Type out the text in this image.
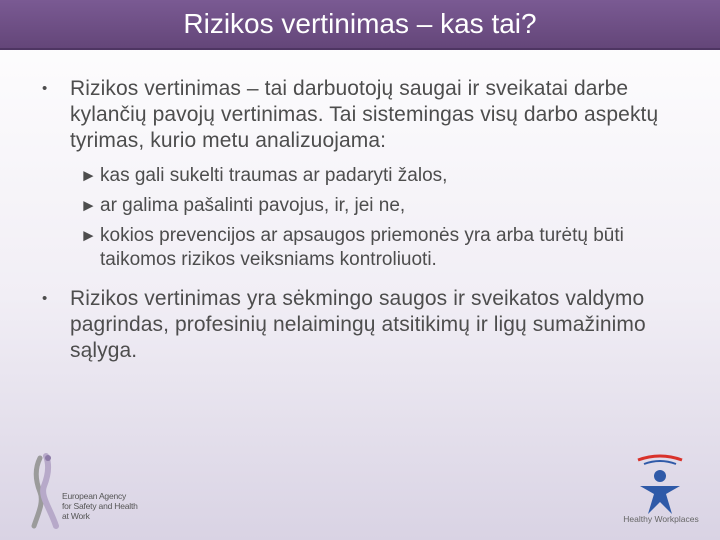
Rizikos vertinimas – kas tai?
• Rizikos vertinimas – tai darbuotojų saugai ir sveikatai darbe kylančių pavojų vertinimas. Tai sistemingas visų darbo aspektų tyrimas, kurio metu analizuojama:
► kas gali sukelti traumas ar padaryti žalos,
► ar galima pašalinti pavojus, ir, jei ne,
► kokios prevencijos ar apsaugos priemonės yra arba turėtų būti taikomos rizikos veiksniams kontroliuoti.
• Rizikos vertinimas yra sėkmingo saugos ir sveikatos valdymo pagrindas, profesinių nelaimingų atsitikimų ir ligų sumažinimo sąlyga.
European Agency
for Safety and Health
at Work	Healthy Workplaces
